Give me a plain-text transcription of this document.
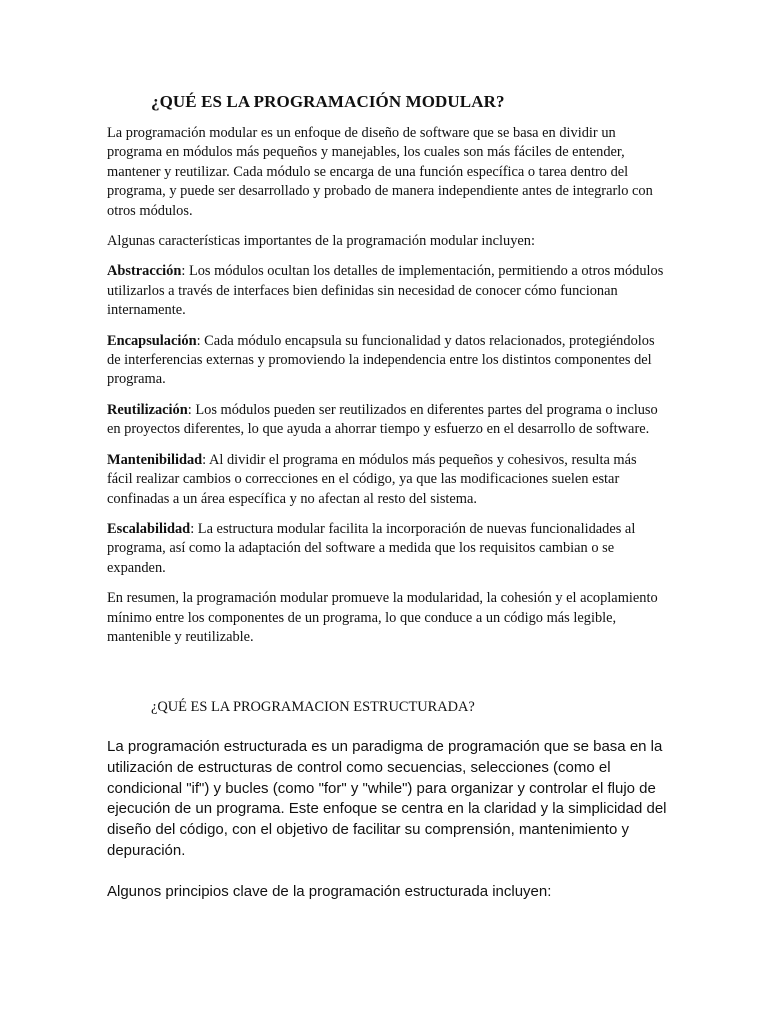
¿QUÉ ES LA PROGRAMACIÓN MODULAR?

La programación modular es un enfoque de diseño de software que se basa en dividir un programa en módulos más pequeños y manejables, los cuales son más fáciles de entender, mantener y reutilizar. Cada módulo se encarga de una función específica o tarea dentro del programa, y puede ser desarrollado y probado de manera independiente antes de integrarlo con otros módulos.

Algunas características importantes de la programación modular incluyen:

Abstracción: Los módulos ocultan los detalles de implementación, permitiendo a otros módulos utilizarlos a través de interfaces bien definidas sin necesidad de conocer cómo funcionan internamente.

Encapsulación: Cada módulo encapsula su funcionalidad y datos relacionados, protegiéndolos de interferencias externas y promoviendo la independencia entre los distintos componentes del programa.

Reutilización: Los módulos pueden ser reutilizados en diferentes partes del programa o incluso en proyectos diferentes, lo que ayuda a ahorrar tiempo y esfuerzo en el desarrollo de software.

Mantenibilidad: Al dividir el programa en módulos más pequeños y cohesivos, resulta más fácil realizar cambios o correcciones en el código, ya que las modificaciones suelen estar confinadas a un área específica y no afectan al resto del sistema.

Escalabilidad: La estructura modular facilita la incorporación de nuevas funcionalidades al programa, así como la adaptación del software a medida que los requisitos cambian o se expanden.

En resumen, la programación modular promueve la modularidad, la cohesión y el acoplamiento mínimo entre los componentes de un programa, lo que conduce a un código más legible, mantenible y reutilizable.

¿QUÉ ES LA PROGRAMACION ESTRUCTURADA?

La programación estructurada es un paradigma de programación que se basa en la utilización de estructuras de control como secuencias, selecciones (como el condicional "if") y bucles (como "for" y "while") para organizar y controlar el flujo de ejecución de un programa. Este enfoque se centra en la claridad y la simplicidad del diseño del código, con el objetivo de facilitar su comprensión, mantenimiento y depuración.

Algunos principios clave de la programación estructurada incluyen:
